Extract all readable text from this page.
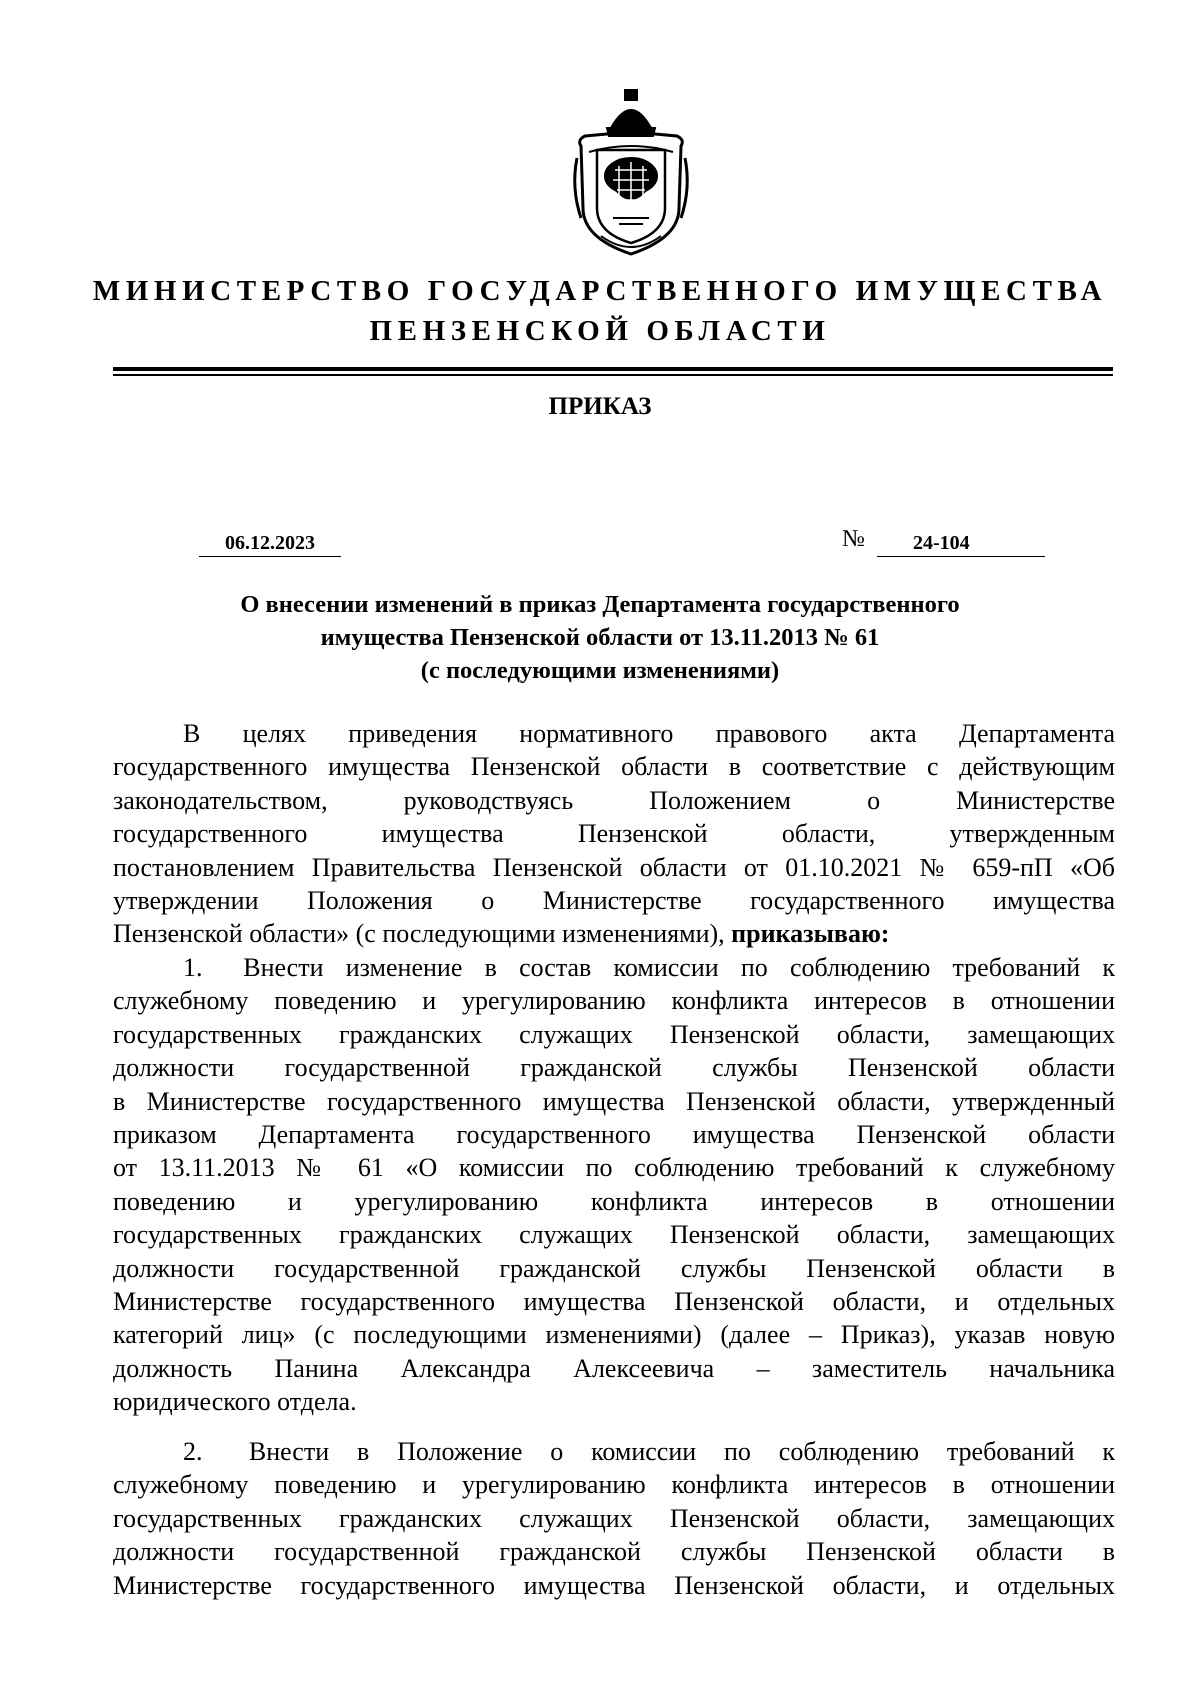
МИНИСТЕРСТВО ГОСУДАРСТВЕННОГО ИМУЩЕСТВА
ПЕНЗЕНСКОЙ ОБЛАСТИ
ПРИКАЗ
06.12.2023	№	24-104
О внесении изменений в приказ Департамента государственного
имущества Пензенской области от 13.11.2013 № 61
(с последующими изменениями)

В целях приведения нормативного правового акта Департамента

государственного имущества Пензенской области в соответствие с действующим

законодательством, руководствуясь Положением о Министерстве

государственного имущества Пензенской области, утвержденным

постановлением Правительства Пензенской области от 01.10.2021 № 659-пП «Об

утверждении Положения о Министерстве государственного имущества

Пензенской области» (с последующими изменениями), приказываю:

1. Внести изменение в состав комиссии по соблюдению требований к

служебному поведению и урегулированию конфликта интересов в отношении

государственных гражданских служащих Пензенской области, замещающих

должности государственной гражданской службы Пензенской области

в Министерстве государственного имущества Пензенской области, утвержденный

приказом Департамента государственного имущества Пензенской области

от 13.11.2013 № 61 «О комиссии по соблюдению требований к служебному

поведению и урегулированию конфликта интересов в отношении

государственных гражданских служащих Пензенской области, замещающих

должности государственной гражданской службы Пензенской области в

Министерстве государственного имущества Пензенской области, и отдельных

категорий лиц» (с последующими изменениями) (далее – Приказ), указав новую

должность Панина Александра Алексеевича – заместитель начальника

юридического отдела.

2. Внести в Положение о комиссии по соблюдению требований к

служебному поведению и урегулированию конфликта интересов в отношении

государственных гражданских служащих Пензенской области, замещающих

должности государственной гражданской службы Пензенской области в

Министерстве государственного имущества Пензенской области, и отдельных
